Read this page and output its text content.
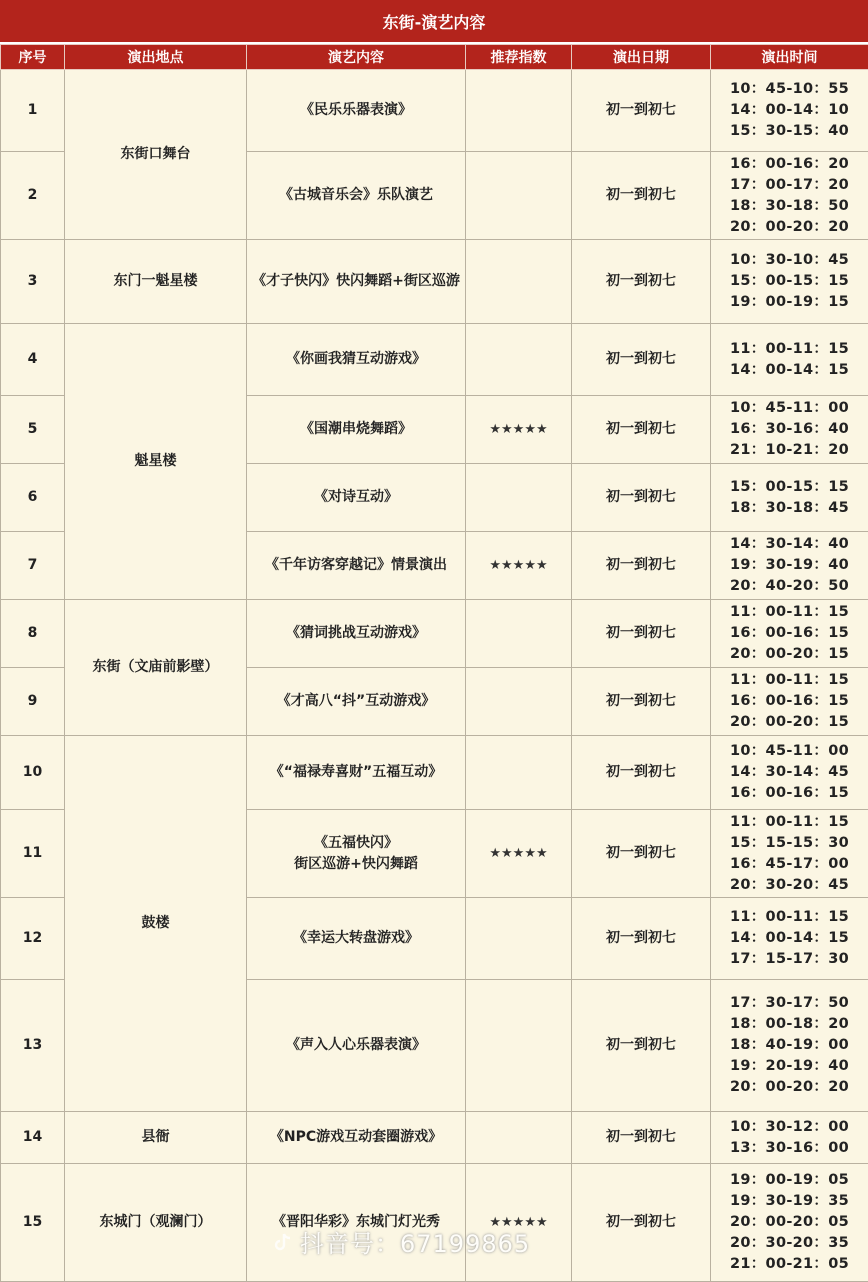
东街-演艺内容
序号	演出地点	演艺内容	推荐指数	演出日期	演出时间
1	东街口舞台	《民乐乐器表演》		初一到初七	10：45-10：55
14：00-14：10
15：30-15：40
2		《古城音乐会》乐队演艺		初一到初七	16：00-16：20
17：00-17：20
18：30-18：50
20：00-20：20
3	东门一魁星楼	《才子快闪》快闪舞蹈+街区巡游		初一到初七	10：30-10：45
15：00-15：15
19：00-19：15
4	魁星楼	《你画我猜互动游戏》		初一到初七	11：00-11：15
14：00-14：15
5		《国潮串烧舞蹈》	★★★★★	初一到初七	10：45-11：00
16：30-16：40
21：10-21：20
6		《对诗互动》		初一到初七	15：00-15：15
18：30-18：45
7		《千年访客穿越记》情景演出	★★★★★	初一到初七	14：30-14：40
19：30-19：40
20：40-20：50
8	东街（文庙前影壁）	《猜词挑战互动游戏》		初一到初七	11：00-11：15
16：00-16：15
20：00-20：15
9		《才高八“抖”互动游戏》		初一到初七	11：00-11：15
16：00-16：15
20：00-20：15
10	鼓楼	《“福禄寿喜财”五福互动》		初一到初七	10：45-11：00
14：30-14：45
16：00-16：15
11		《五福快闪》
街区巡游+快闪舞蹈	★★★★★	初一到初七	11：00-11：15
15：15-15：30
16：45-17：00
20：30-20：45
12		《幸运大转盘游戏》		初一到初七	11：00-11：15
14：00-14：15
17：15-17：30
13		《声入人心乐器表演》		初一到初七	17：30-17：50
18：00-18：20
18：40-19：00
19：20-19：40
20：00-20：20
14	县衙	《NPC游戏互动套圈游戏》		初一到初七	10：30-12：00
13：30-16：00
15	东城门（观澜门）	《晋阳华彩》东城门灯光秀	★★★★★	初一到初七	19：00-19：05
19：30-19：35
20：00-20：05
20：30-20：35
21：00-21：05
抖音号：67199865
